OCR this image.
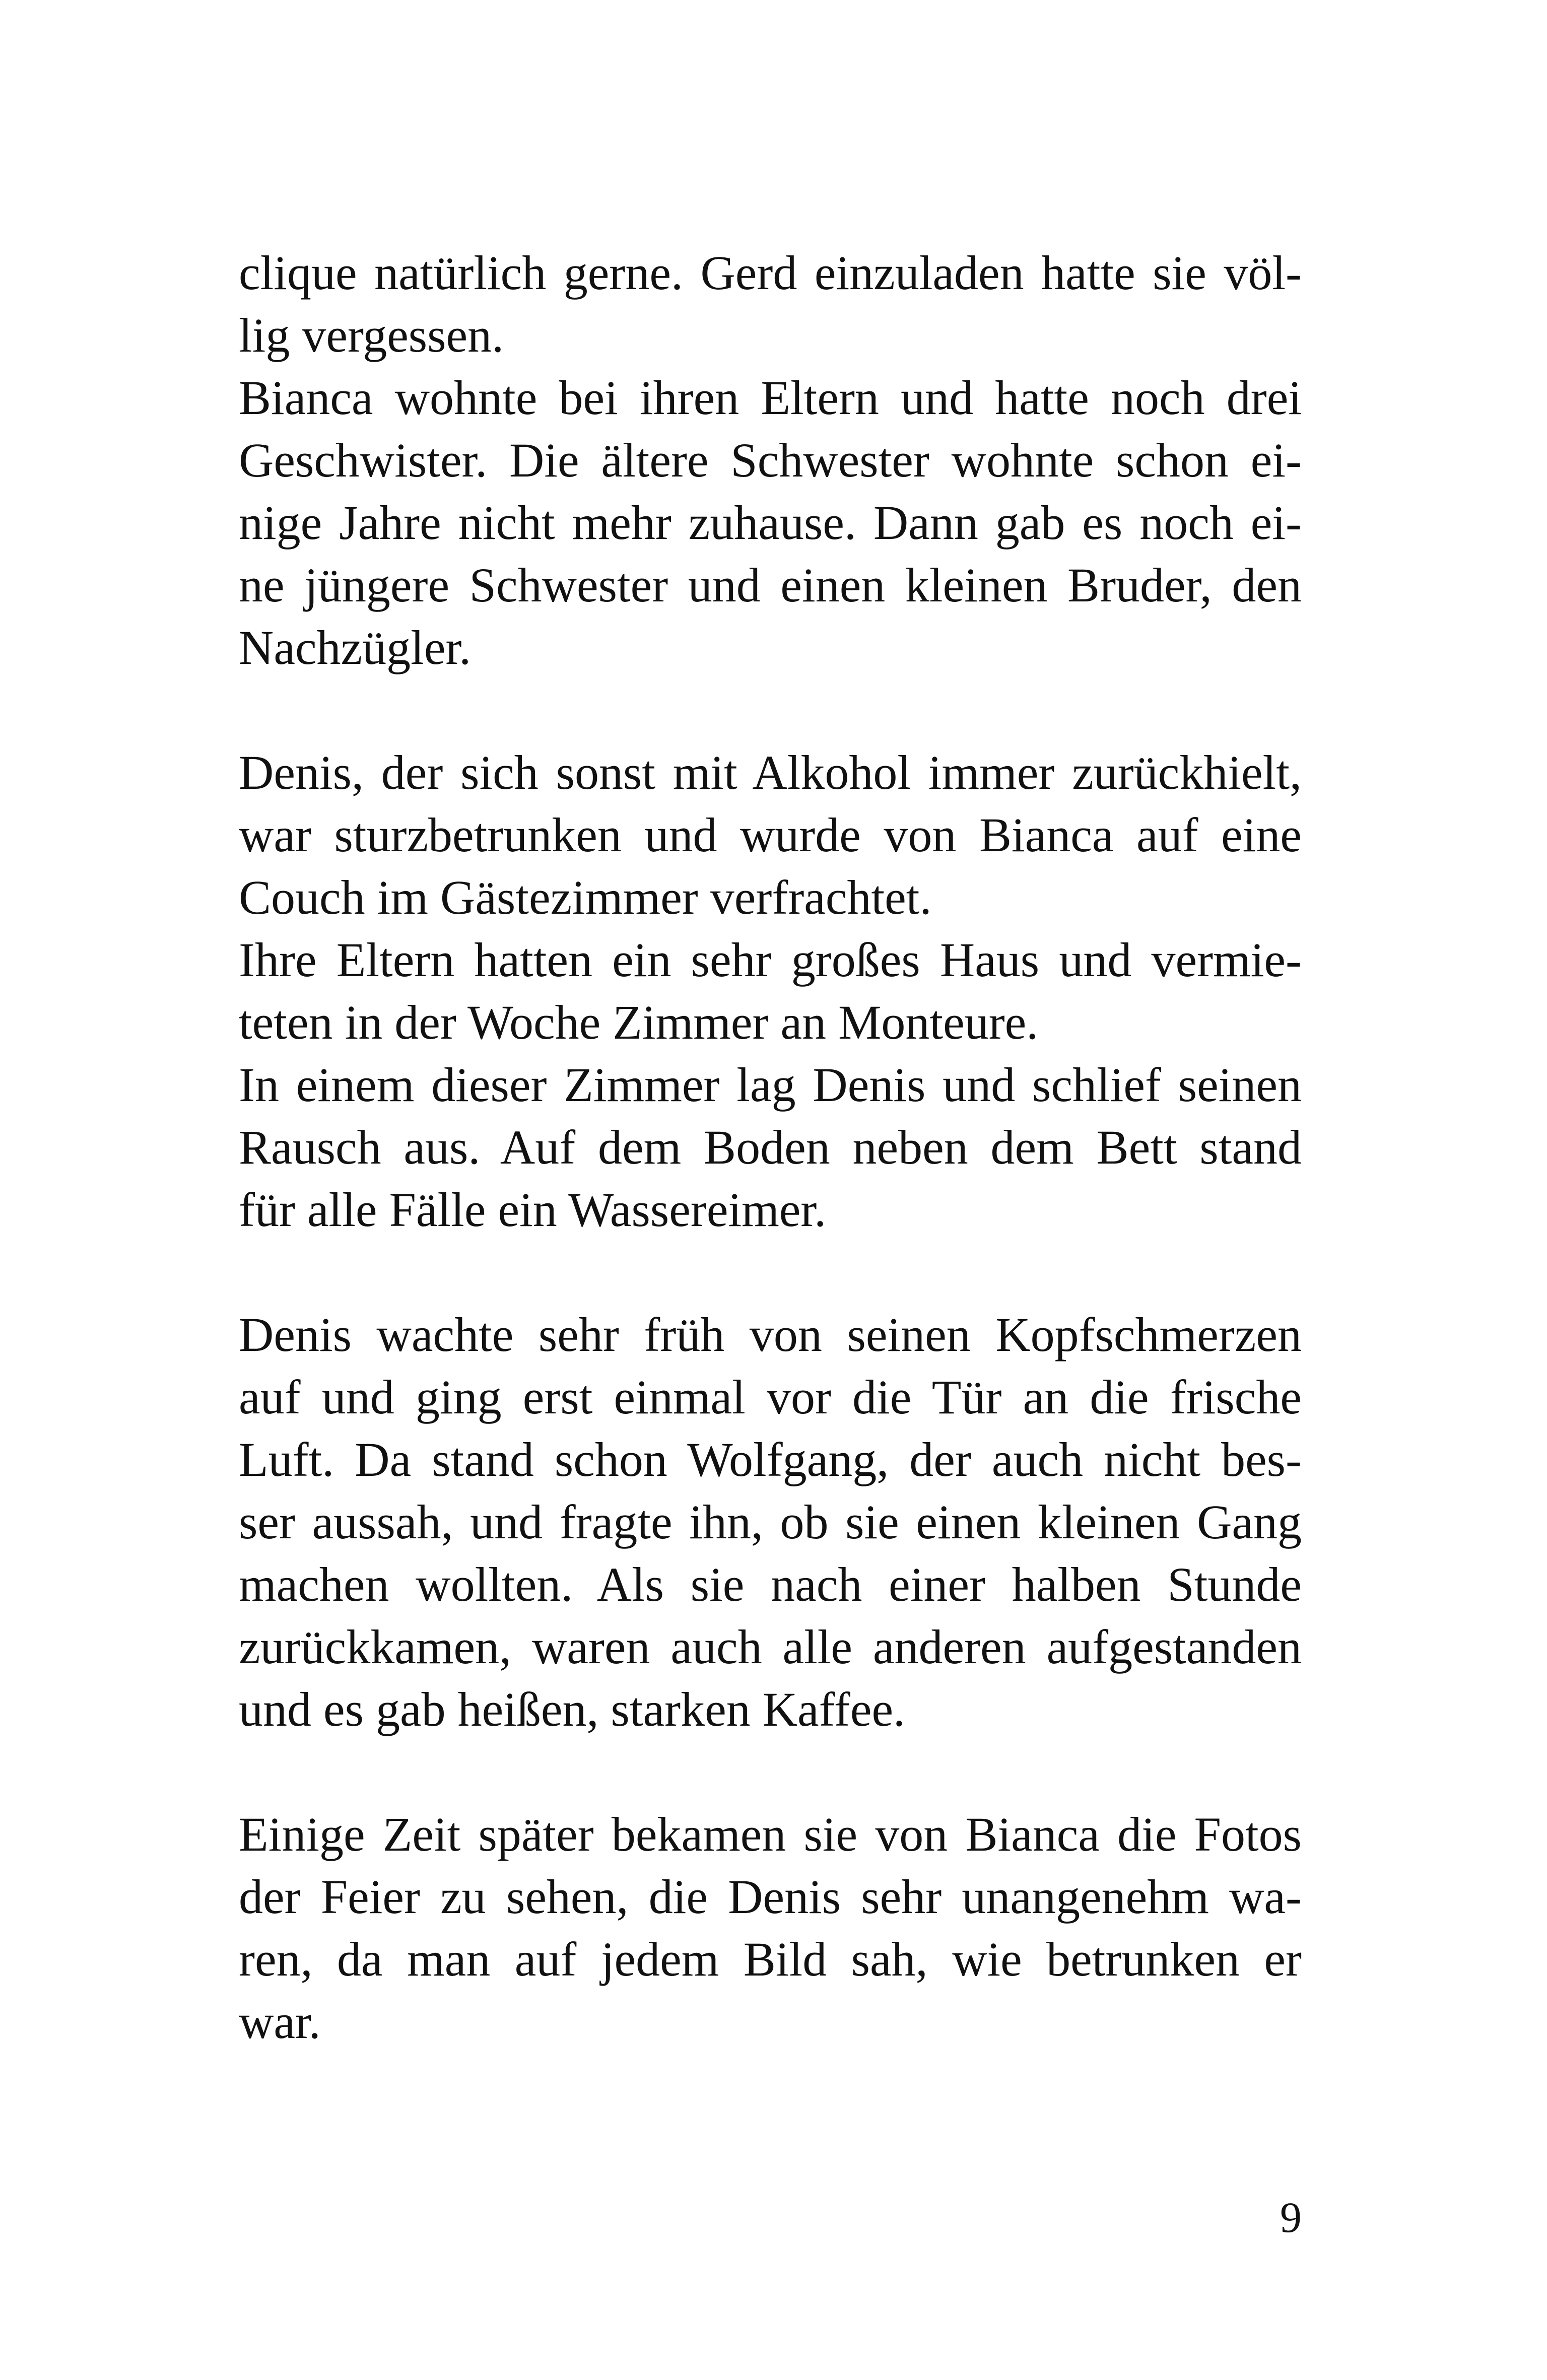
clique natürlich gerne. Gerd einzuladen hatte sie völ-
lig vergessen.
Bianca wohnte bei ihren Eltern und hatte noch drei
Geschwister. Die ältere Schwester wohnte schon ei-
nige Jahre nicht mehr zuhause. Dann gab es noch ei-
ne jüngere Schwester und einen kleinen Bruder, den
Nachzügler.
Denis, der sich sonst mit Alkohol immer zurückhielt,
war sturzbetrunken und wurde von Bianca auf eine
Couch im Gästezimmer verfrachtet.
Ihre Eltern hatten ein sehr großes Haus und vermie-
teten in der Woche Zimmer an Monteure.
In einem dieser Zimmer lag Denis und schlief seinen
Rausch aus. Auf dem Boden neben dem Bett stand
für alle Fälle ein Wassereimer.
Denis wachte sehr früh von seinen Kopfschmerzen
auf und ging erst einmal vor die Tür an die frische
Luft. Da stand schon Wolfgang, der auch nicht bes-
ser aussah, und fragte ihn, ob sie einen kleinen Gang
machen wollten. Als sie nach einer halben Stunde
zurückkamen, waren auch alle anderen aufgestanden
und es gab heißen, starken Kaffee.
Einige Zeit später bekamen sie von Bianca die Fotos
der Feier zu sehen, die Denis sehr unangenehm wa-
ren, da man auf jedem Bild sah, wie betrunken er
war.
9
